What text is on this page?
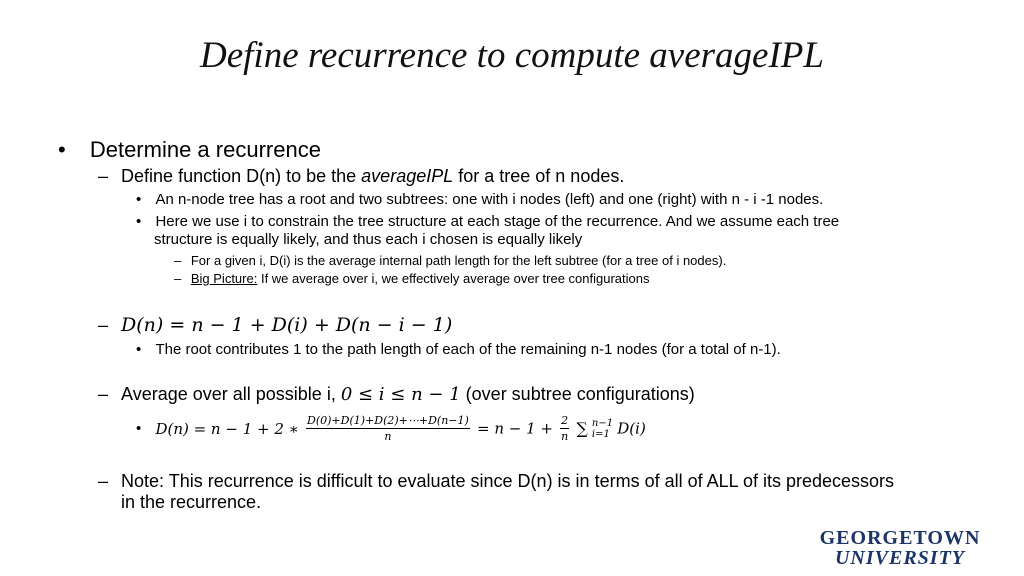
Define recurrence to compute averageIPL
• Determine a recurrence
– Define function D(n) to be the averageIPL for a tree of n nodes.
• An n-node tree has a root and two subtrees: one with i nodes (left) and one (right) with n - i -1 nodes.
• Here we use i to constrain the tree structure at each stage of the recurrence. And we assume each tree
structure is equally likely, and thus each i chosen is equally likely
– For a given i, D(i) is the average internal path length for the left subtree (for a tree of i nodes).
– Big Picture: If we average over i, we effectively average over tree configurations
– D(n) = n − 1 + D(i) + D(n − i − 1)
• The root contributes 1 to the path length of each of the remaining n-1 nodes (for a total of n-1).
– Average over all possible i, 0 ≤ i ≤ n − 1 (over subtree configurations)
• D(n) = n − 1 + 2 ∗ $\frac{D(0)+D(1)+D(2)+\cdots+D(n-1)}{n} = n - 1 + \frac{2}{n}$ ∑ n−1
i=1 D(i)
– Note: This recurrence is difficult to evaluate since D(n) is in terms of all of ALL of its predecessors
in the recurrence.
GEORGETOWN
UNIVERSITY
